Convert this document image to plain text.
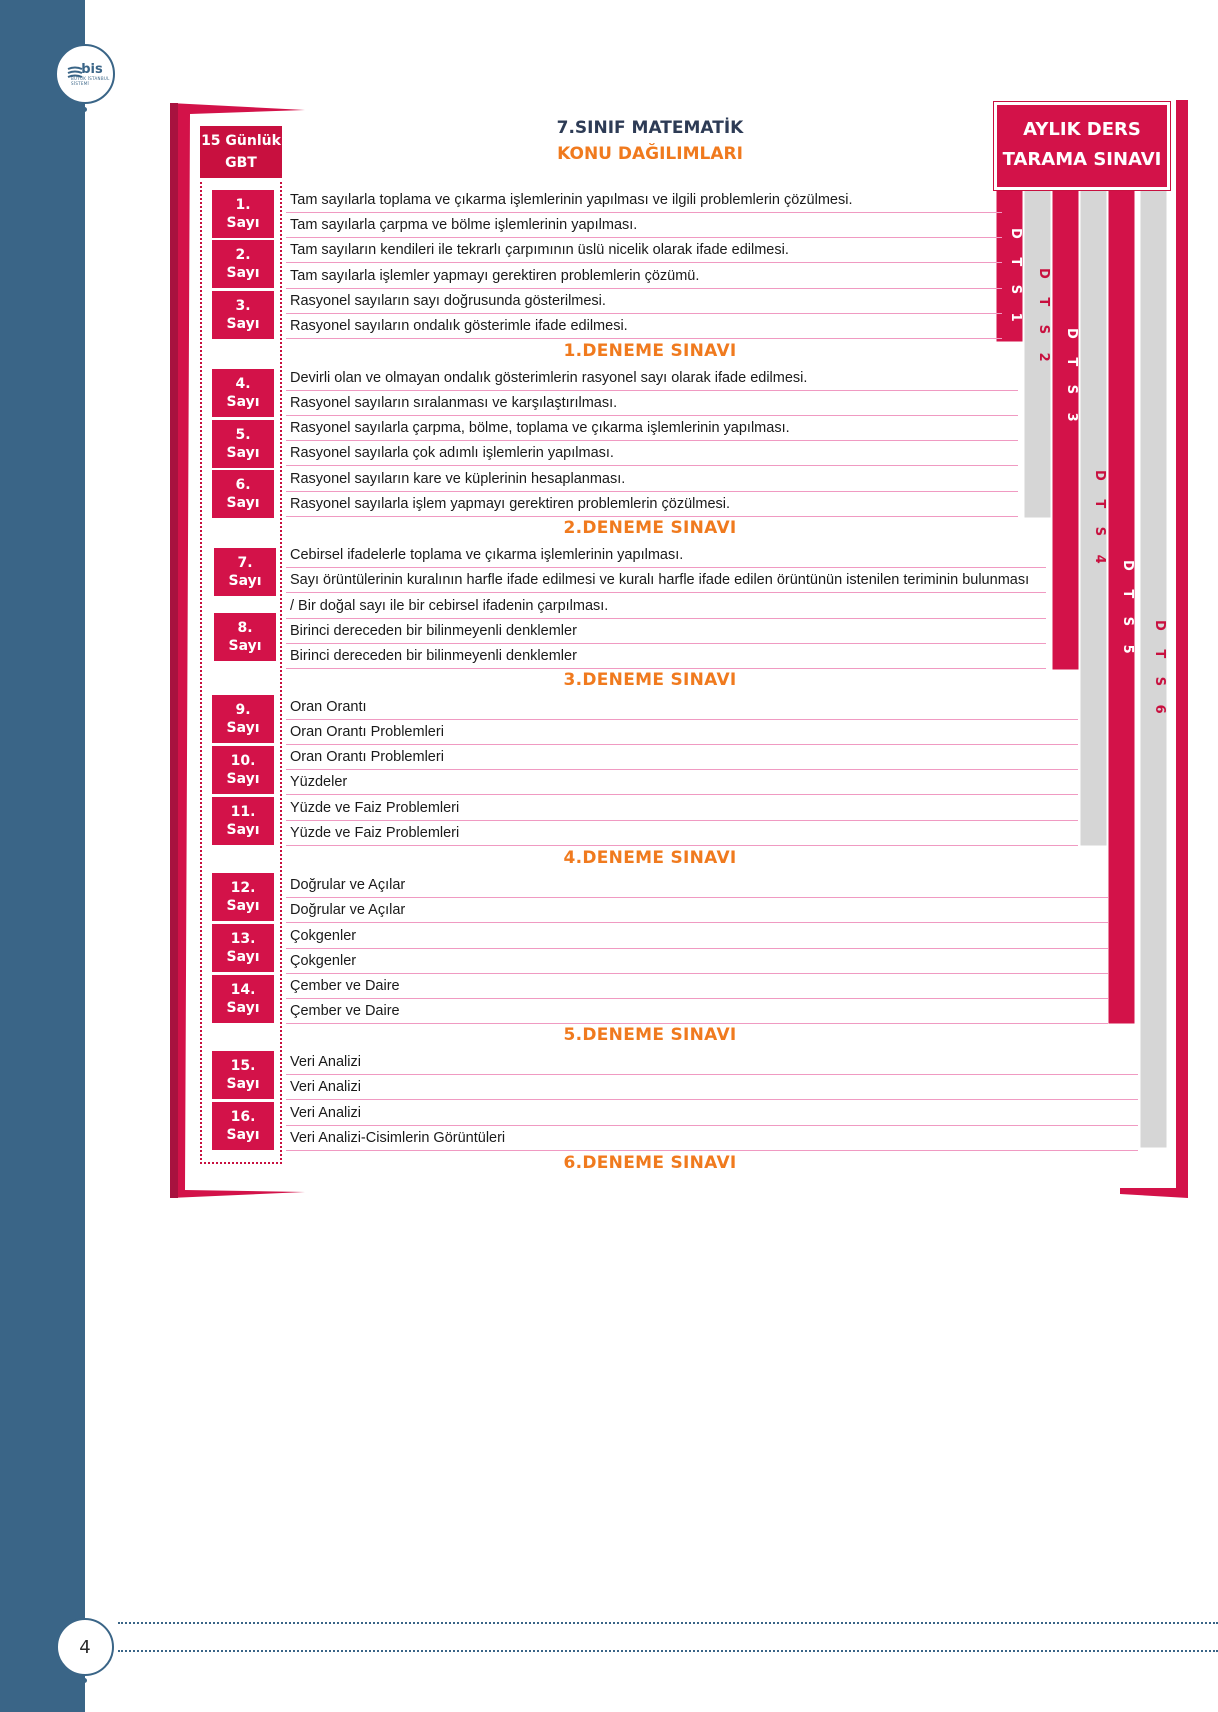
bis
BÜYÜK İSTANBUL SİSTEMİ
7.SINIF MATEMATİK
KONU DAĞILIMLARI
15 Günlük
GBT
AYLIK DERS
TARAMA SINAVI
1.
Sayı
2.
Sayı
3.
Sayı
4.
Sayı
5.
Sayı
6.
Sayı
7.
Sayı
8.
Sayı
9.
Sayı
10.
Sayı
11.
Sayı
12.
Sayı
13.
Sayı
14.
Sayı
15.
Sayı
16.
Sayı
Tam sayılarla toplama ve çıkarma işlemlerinin yapılması ve ilgili problemlerin çözülmesi.
Tam sayılarla çarpma ve bölme işlemlerinin yapılması.
Tam sayıların kendileri ile tekrarlı çarpımının üslü nicelik olarak ifade edilmesi.
Tam sayılarla işlemler yapmayı gerektiren problemlerin çözümü.
Rasyonel sayıların sayı doğrusunda gösterilmesi.
Rasyonel sayıların ondalık gösterimle ifade edilmesi.
Devirli olan ve olmayan ondalık gösterimlerin rasyonel sayı olarak ifade edilmesi.
Rasyonel sayıların sıralanması ve karşılaştırılması.
Rasyonel sayılarla çarpma, bölme, toplama ve çıkarma işlemlerinin yapılması.
Rasyonel sayılarla çok adımlı işlemlerin yapılması.
Rasyonel sayıların kare ve küplerinin hesaplanması.
Rasyonel sayılarla işlem yapmayı gerektiren problemlerin çözülmesi.
Cebirsel ifadelerle toplama ve çıkarma işlemlerinin yapılması.
Sayı örüntülerinin kuralının harfle ifade edilmesi ve kuralı harfle ifade edilen örüntünün istenilen teriminin bulunması
/ Bir doğal sayı ile bir cebirsel ifadenin çarpılması.
Birinci dereceden bir bilinmeyenli denklemler
Birinci dereceden bir bilinmeyenli denklemler
Oran Orantı
Oran Orantı Problemleri
Oran Orantı Problemleri
Yüzdeler
Yüzde ve Faiz Problemleri
Yüzde ve Faiz Problemleri
Doğrular ve Açılar
Doğrular ve Açılar
Çokgenler
Çokgenler
Çember ve Daire
Çember ve Daire
Veri Analizi
Veri Analizi
Veri Analizi
Veri Analizi-Cisimlerin Görüntüleri
1.DENEME SINAVI
2.DENEME SINAVI
3.DENEME SINAVI
4.DENEME SINAVI
5.DENEME SINAVI
6.DENEME SINAVI
D T S 1	D T S 2
D T S 3
D T S 4
D T S 5
D T S 6
4
